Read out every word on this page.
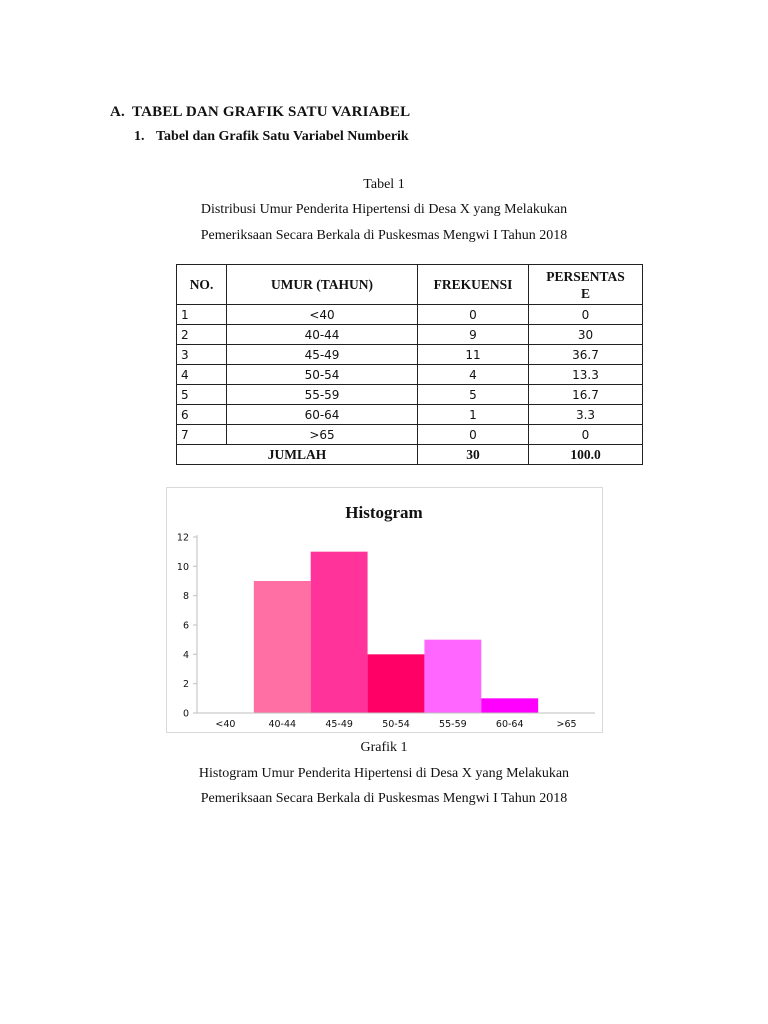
A. TABEL DAN GRAFIK SATU VARIABEL
1. Tabel dan Grafik Satu Variabel Numberik
Tabel 1
Distribusi Umur Penderita Hipertensi di Desa X yang Melakukan
Pemeriksaan Secara Berkala di Puskesmas Mengwi I Tahun 2018
NO.	UMUR (TAHUN)	FREKUENSI	PERSENTAS
E
1	<40	0	0
2	40-44	9	30
3	45-49	11	36.7
4	50-54	4	13.3
5	55-59	5	16.7
6	60-64	1	3.3
7	>65	0	0
JUMLAH		30	100.0
Histogram
0
2
4
6
8
10
12
<40	40-44	45-49	50-54	55-59	60-64	>65
Grafik 1
Histogram Umur Penderita Hipertensi di Desa X yang Melakukan
Pemeriksaan Secara Berkala di Puskesmas Mengwi I Tahun 2018
